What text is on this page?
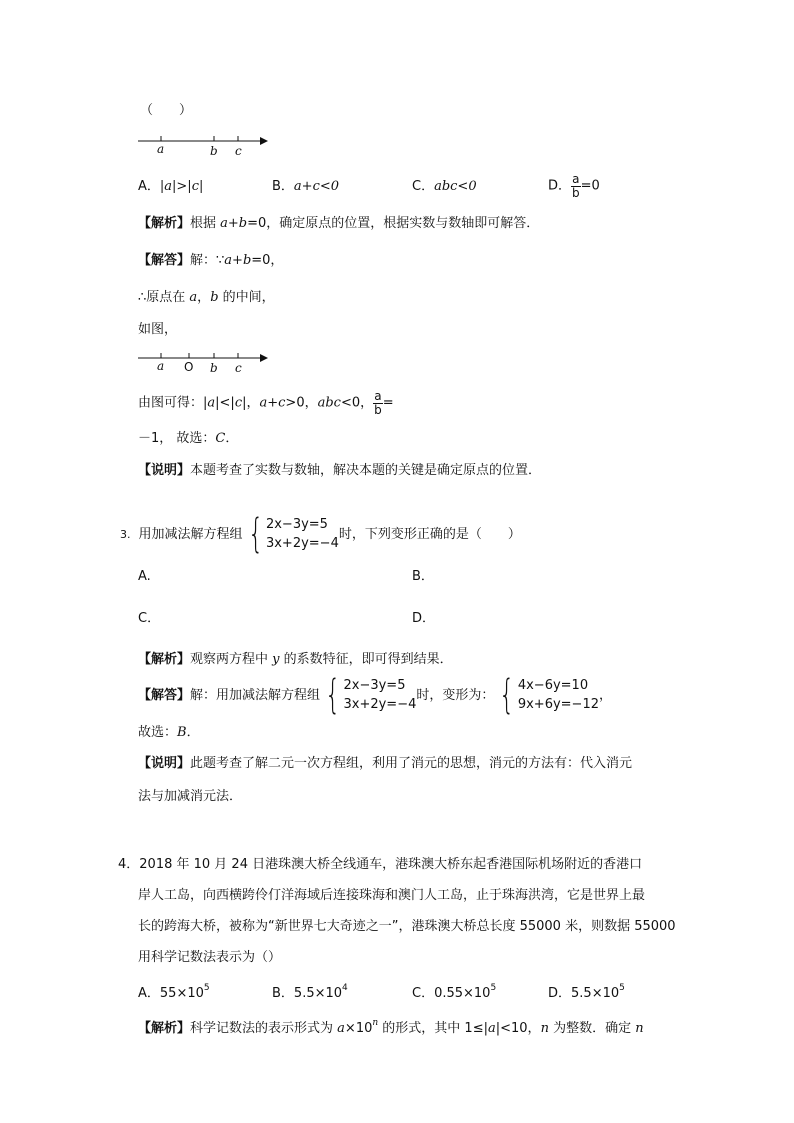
（　　）
a	b c
A．|a|>|c|	B．a+c<0	C．abc<0	D． $\frac{a}{b} =0$
【解析】根据 a+b=0，确定原点的位置，根据实数与数轴即可解答．
【解答】解：∵a+b=0，
∴原点在 a，b 的中间，
如图，
a O b c
由图可得：|a|<|c|，a+c>0，abc<0， $\frac{a}{b}$ =
－1， 故选：C．
【说明】本题考查了实数与数轴，解决本题的关键是确定原点的位置．
3. 用加减法解方程组 { 2x−3y=5
3x+2y=−4
时，下列变形正确的是（　　）
A.	B．
C．	D．
【解析】观察两方程中 y 的系数特征，即可得到结果．
【解答】 解：用加减法解方程组 { 2x−3y=5
3x+2y=−4
时，变形为： { 4x−6y=10
9x+6y=−12
，
故选：B．
【说明】此题考查了解二元一次方程组，利用了消元的思想，消元的方法有：代入消元
法与加减消元法．
4．2018 年 10 月 24 日港珠澳大桥全线通车，港珠澳大桥东起香港国际机场附近的香港口
岸人工岛，向西横跨伶仃洋海域后连接珠海和澳门人工岛，止于珠海洪湾，它是世界上最
长的跨海大桥，被称为“新世界七大奇迹之一”，港珠澳大桥总长度 55000 米，则数据 55000
用科学记数法表示为（）
A．$55\times 10^5$	B．$5.5\times 10^4$	C．$0.55\times 10^5$	D．$5.5\times 10^5$
【解析】科学记数法的表示形式为 $a\times 10^n$ 的形式，其中 1≤|a|<10，n 为整数．确定 n
